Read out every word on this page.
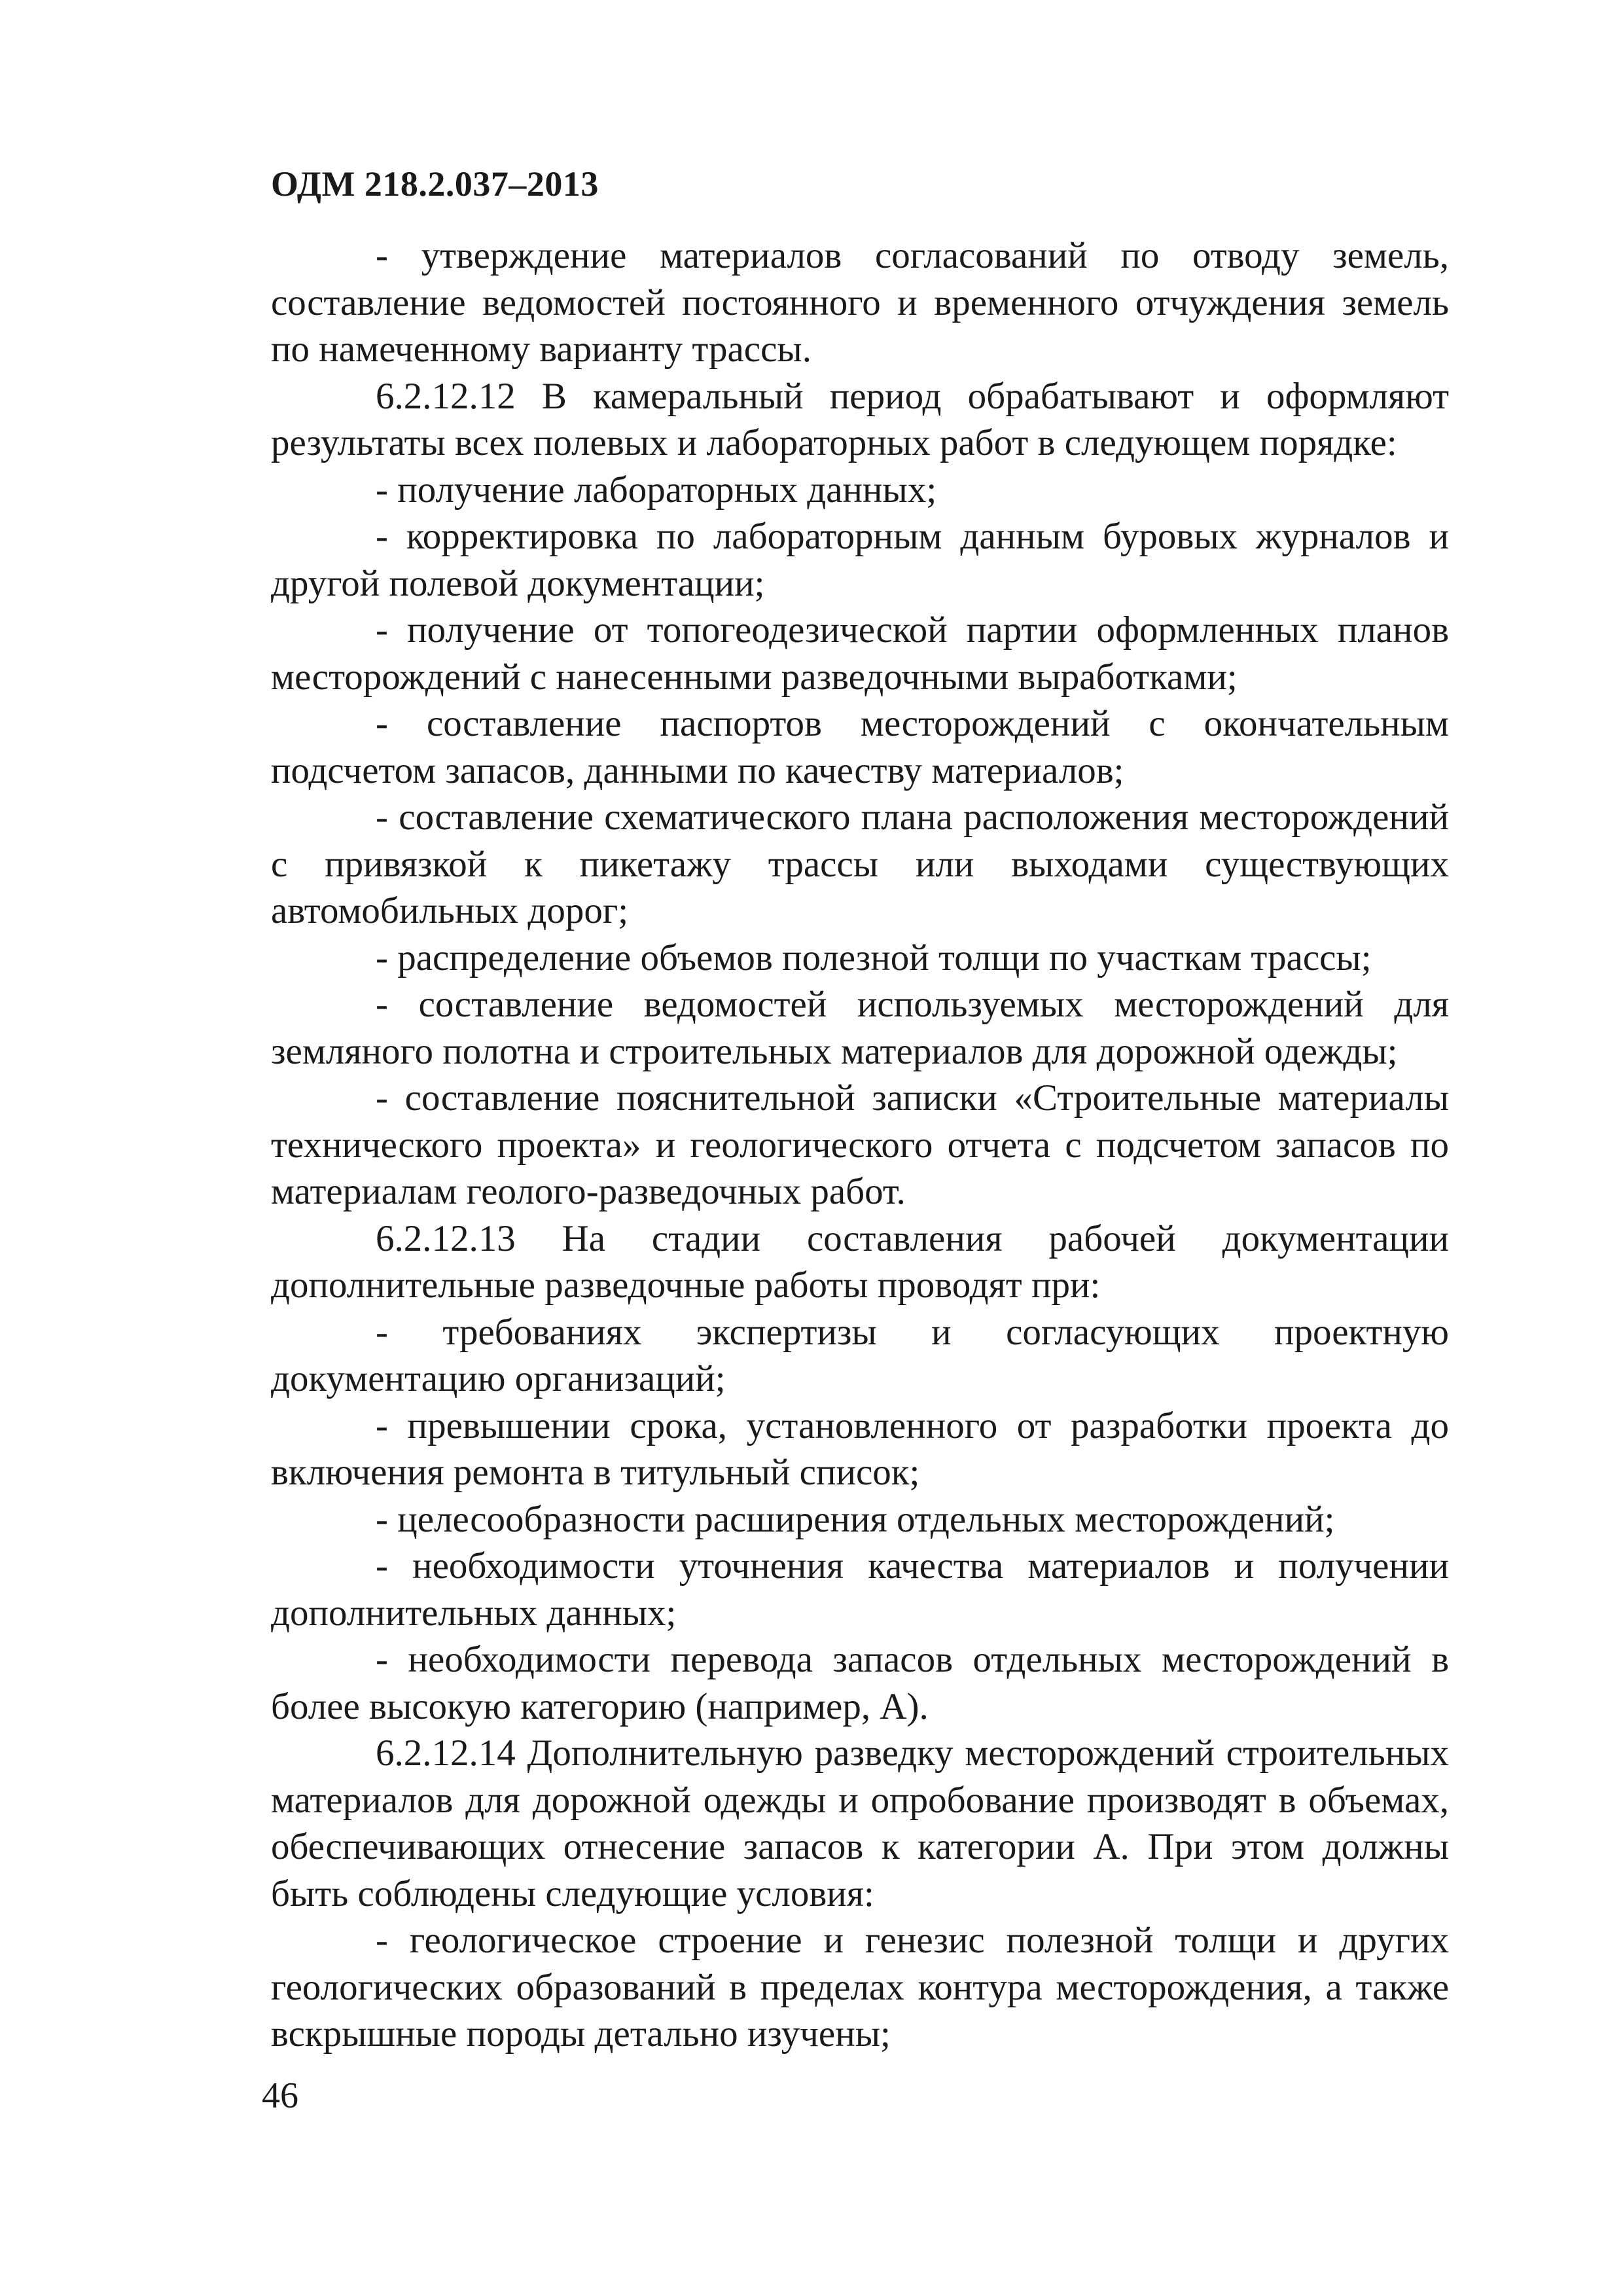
ОДМ 218.2.037–2013

- утверждение материалов согласований по отводу земель, составление ведомостей постоянного и временного отчуждения земель по намеченному варианту трассы.

6.2.12.12 В камеральный период обрабатывают и оформляют результаты всех полевых и лабораторных работ в следующем порядке:

- получение лабораторных данных;

- корректировка по лабораторным данным буровых журналов и другой полевой документации;

- получение от топогеодезической партии оформленных планов месторождений с нанесенными разведочными выработками;

- составление паспортов месторождений с окончательным подсчетом запасов, данными по качеству материалов;

- составление схематического плана расположения месторождений с привязкой к пикетажу трассы или выходами существующих автомобильных дорог;

- распределение объемов полезной толщи по участкам трассы;

- составление ведомостей используемых месторождений для земляного полотна и строительных материалов для дорожной одежды;

- составление пояснительной записки «Строительные материалы технического проекта» и геологического отчета с подсчетом запасов по материалам геолого-разведочных работ.

6.2.12.13 На стадии составления рабочей документации дополнительные разведочные работы проводят при:

- требованиях экспертизы и согласующих проектную документацию организаций;

- превышении срока, установленного от разработки проекта до включения ремонта в титульный список;

- целесообразности расширения отдельных месторождений;

- необходимости уточнения качества материалов и получении дополнительных данных;

- необходимости перевода запасов отдельных месторождений в более высокую категорию (например, А).

6.2.12.14 Дополнительную разведку месторождений строительных материалов для дорожной одежды и опробование производят в объемах, обеспечивающих отнесение запасов к категории А. При этом должны быть соблюдены следующие условия:

- геологическое строение и генезис полезной толщи и других геологических образований в пределах контура месторождения, а также вскрышные породы детально изучены;

46
